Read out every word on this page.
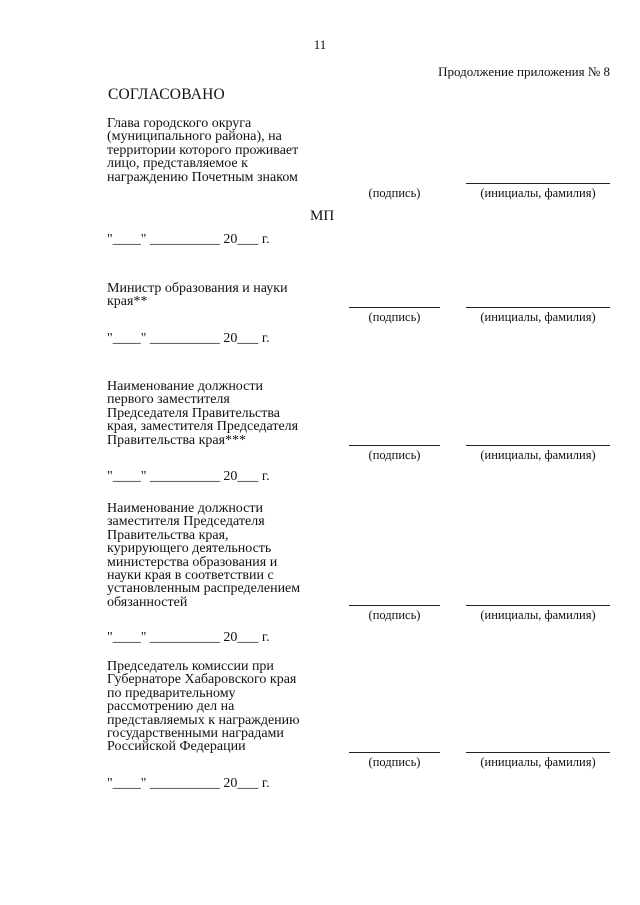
11
Продолжение приложения № 8
СОГЛАСОВАНО
Глава городского округа
(муниципального района), на
территории которого проживает
лицо, представляемое к
награждению Почетным знаком
(подпись)	(инициалы, фамилия)
МП
"____" __________ 20___ г.
Министр образования и науки
края**
(подпись)	(инициалы, фамилия)
"____" __________ 20___ г.
Наименование должности
первого заместителя
Председателя Правительства
края, заместителя Председателя
Правительства края***
(подпись)	(инициалы, фамилия)
"____" __________ 20___ г.
Наименование должности
заместителя Председателя
Правительства края,
курирующего деятельность
министерства образования и
науки края в соответствии с
установленным распределением
обязанностей
(подпись)	(инициалы, фамилия)
"____" __________ 20___ г.
Председатель комиссии при
Губернаторе Хабаровского края
по предварительному
рассмотрению дел на
представляемых к награждению
государственными наградами
Российской Федерации
(подпись)	(инициалы, фамилия)
"____" __________ 20___ г.
